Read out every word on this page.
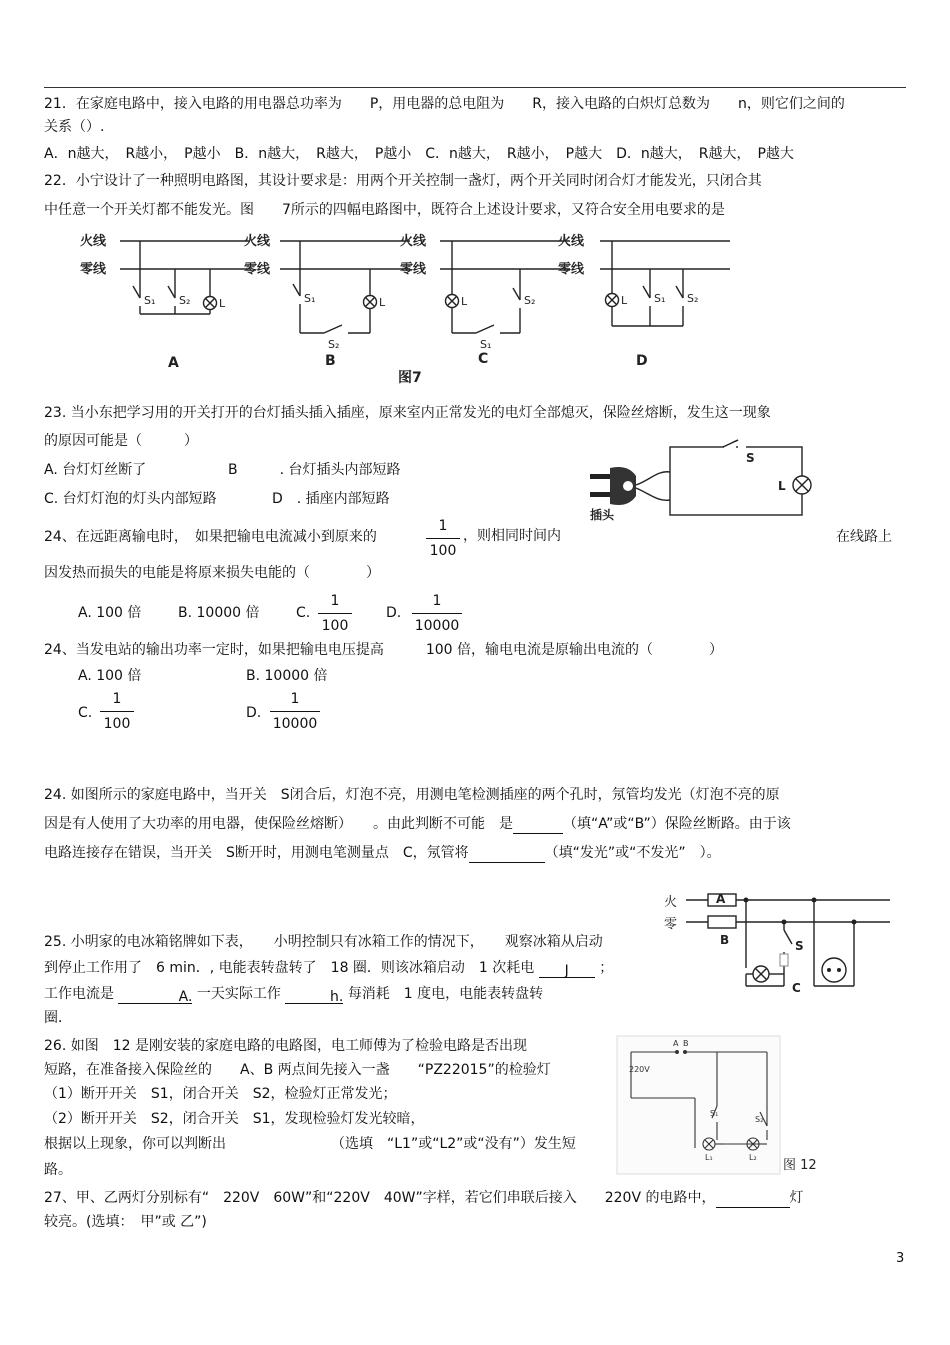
21．在家庭电路中，接入电路的用电器总功率为　　P，用电器的总电阻为　　R，接入电路的白炽灯总数为　　n，则它们之间的
关系（）.
A．n越大，　R越小，　P越小　B．n越大，　R越大，　P越小　C．n越大，　R越小，　P越大　D．n越大，　R越大，　P越大
22．小宁设计了一种照明电路图，其设计要求是：用两个开关控制一盏灯，两个开关同时闭合灯才能发光，只闭合其
中任意一个开关灯都不能发光。图　　7所示的四幅电路图中，既符合上述设计要求，又符合安全用电要求的是
火线
零线
火线
零线
火线
零线
火线
零线
S₁ S₂	L	S₁	L
S₂
L	S₂
S₁
L S₁ S₂
A	B	C	D
图7
23. 当小东把学习用的开关打开的台灯插头插入插座，原来室内正常发光的电灯全部熄灭，保险丝熔断，发生这一现象
的原因可能是（　　　）
A. 台灯灯丝断了	B　　　. 台灯插头内部短路
C. 台灯灯泡的灯头内部短路	D　. 插座内部短路
插头
S
L
24、在远距离输电时，　如果把输电电流减小到原来的
1
100
，则相同时间内	在线路上
因发热而损失的电能是将原来损失电能的（　　　　）
A. 100 倍	B. 10000 倍	C.
1
100
D.
1
10000
24、当发电站的输出功率一定时，如果把输电电压提高　　　100 倍，输电电流是原输出电流的（　　　　）
A. 100 倍	B. 10000 倍
C.
1
100
D.
1
10000
24. 如图所示的家庭电路中，当开关　S闭合后，灯泡不亮，用测电笔检测插座的两个孔时，氖管均发光（灯泡不亮的原
因是有人使用了大功率的用电器，使保险丝熔断）　　。由此判断不可能　是	（填“A”或“B”）保险丝断路。由于该
电路连接存在错误，当开关　S断开时，用测电笔测量点　C，氖管将	（填“发光”或“不发光”　）。
火
零
A
B	S
C
25. 小明家的电冰箱铭牌如下表，　　小明控制只有冰箱工作的情况下，　　观察冰箱从启动
到停止工作用了　6 min．, 电能表转盘转了　18 圈．则该冰箱启动　1 次耗电 J ；
工作电流是	A. 一天实际工作	h. 每消耗　1 度电，电能表转盘转
圈．
26. 如图　12 是刚安装的家庭电路的电路图，电工师傅为了检验电路是否出现
短路，在准备接入保险丝的　　A、B 两点间先接入一盏　　“PZ22015”的检验灯
（1）断开开关　S1，闭合开关　S2，检验灯正常发光；
（2）断开开关　S2，闭合开关　S1，发现检验灯发光较暗，
根据以上现象，你可以判断出　　　　　　　　（选填　“L1”或“L2”或“没有”）发生短
路。
A B
220V
S₁
S₂
L₁	L₂
图 12
27、甲、乙两灯分别标有“　220V　60W”和“220V　40W”字样，若它们串联后接入　　220V 的电路中，	灯
较亮。(选填：　甲”或 乙”)
3
